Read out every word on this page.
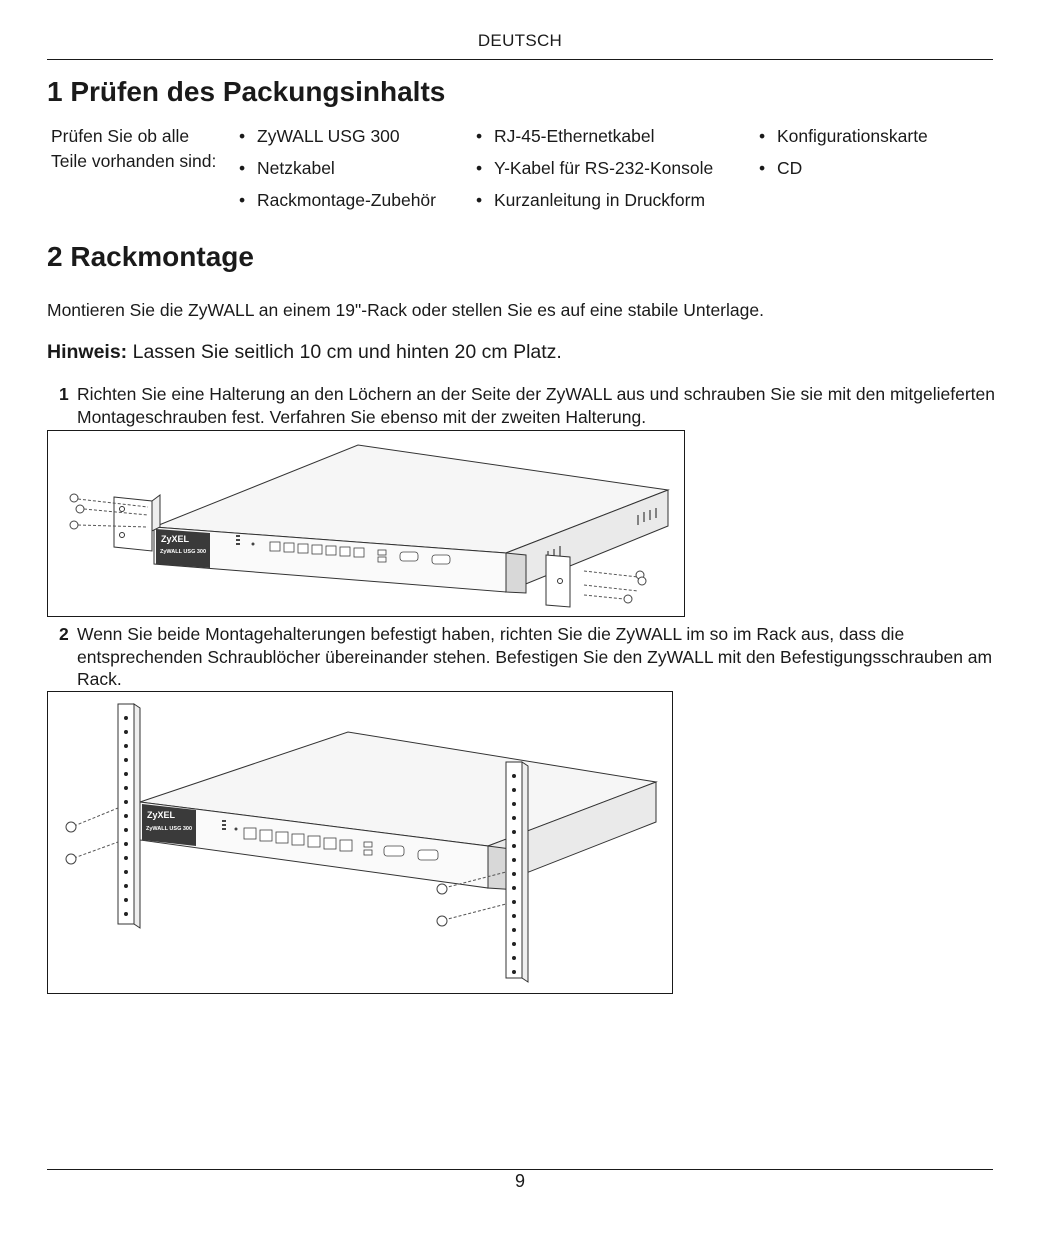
DEUTSCH
1 Prüfen des Packungsinhalts
Prüfen Sie ob alle Teile vorhanden sind:
• ZyWALL USG 300
• Netzkabel
• Rackmontage-Zubehör
• RJ-45-Ethernetkabel
• Y-Kabel für RS-232-Konsole
• Kurzanleitung in Druckform
• Konfigurationskarte
• CD
2 Rackmontage
Montieren Sie die ZyWALL an einem 19"-Rack oder stellen Sie es auf eine stabile Unterlage.
Hinweis: Lassen Sie seitlich 10 cm und hinten 20 cm Platz.
1 Richten Sie eine Halterung an den Löchern an der Seite der ZyWALL aus und schrauben Sie sie mit den mitgelieferten Montageschrauben fest. Verfahren Sie ebenso mit der zweiten Halterung.
ZyXEL
ZyWALL USG 300
2 Wenn Sie beide Montagehalterungen befestigt haben, richten Sie die ZyWALL im so im Rack aus, dass die entsprechenden Schraublöcher übereinander stehen. Befestigen Sie den ZyWALL mit den Befestigungsschrauben am Rack.
ZyXEL
ZyWALL USG 300
9
